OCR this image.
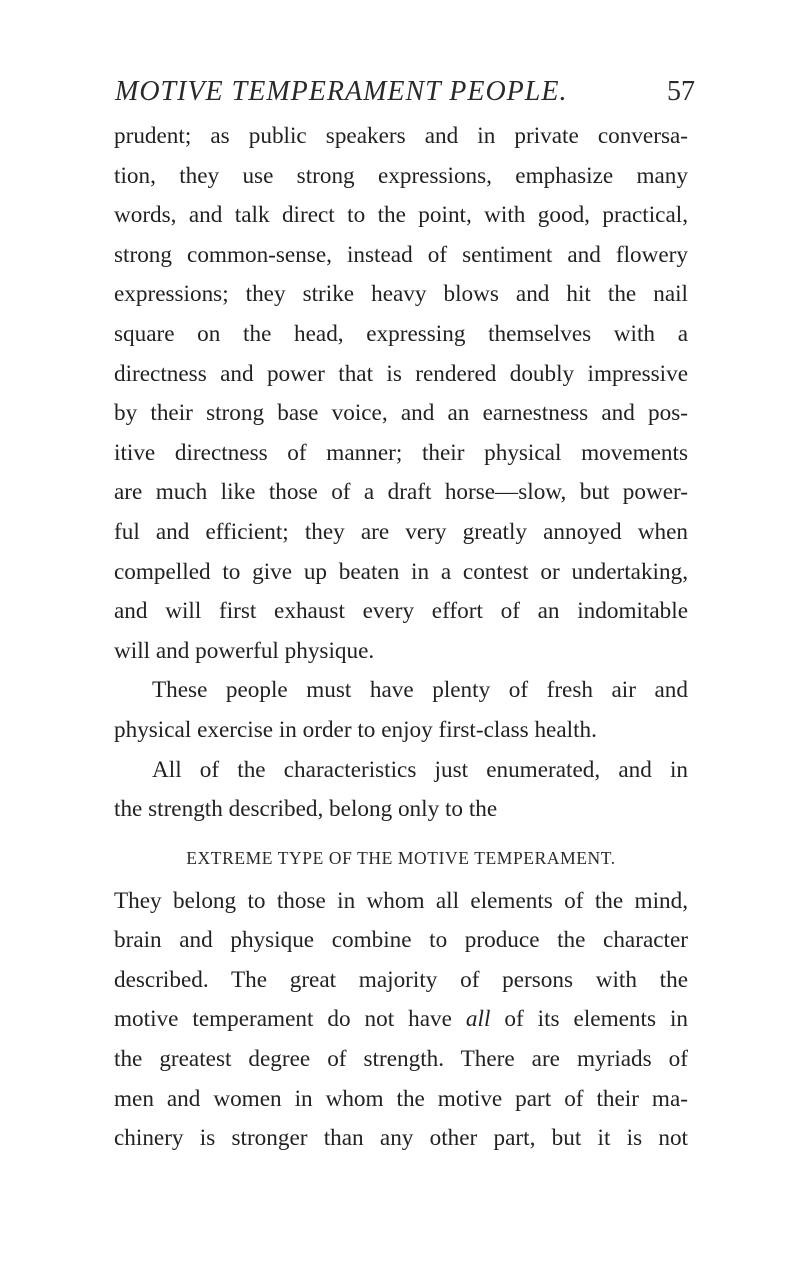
MOTIVE TEMPERAMENT PEOPLE.	57
prudent; as public speakers and in private conversa-
tion, they use strong expressions, emphasize many
words, and talk direct to the point, with good, practical,
strong common-sense, instead of sentiment and flowery
expressions; they strike heavy blows and hit the nail
square on the head, expressing themselves with a
directness and power that is rendered doubly impressive
by their strong base voice, and an earnestness and pos-
itive directness of manner; their physical movements
are much like those of a draft horse—slow, but power-
ful and efficient; they are very greatly annoyed when
compelled to give up beaten in a contest or undertaking,
and will first exhaust every effort of an indomitable
will and powerful physique.
These people must have plenty of fresh air and
physical exercise in order to enjoy first-class health.
All of the characteristics just enumerated, and in
the strength described, belong only to the
EXTREME TYPE OF THE MOTIVE TEMPERAMENT.
They belong to those in whom all elements of the mind,
brain and physique combine to produce the character
described. The great majority of persons with the
motive temperament do not have all of its elements in
the greatest degree of strength. There are myriads of
men and women in whom the motive part of their ma-
chinery is stronger than any other part, but it is not
